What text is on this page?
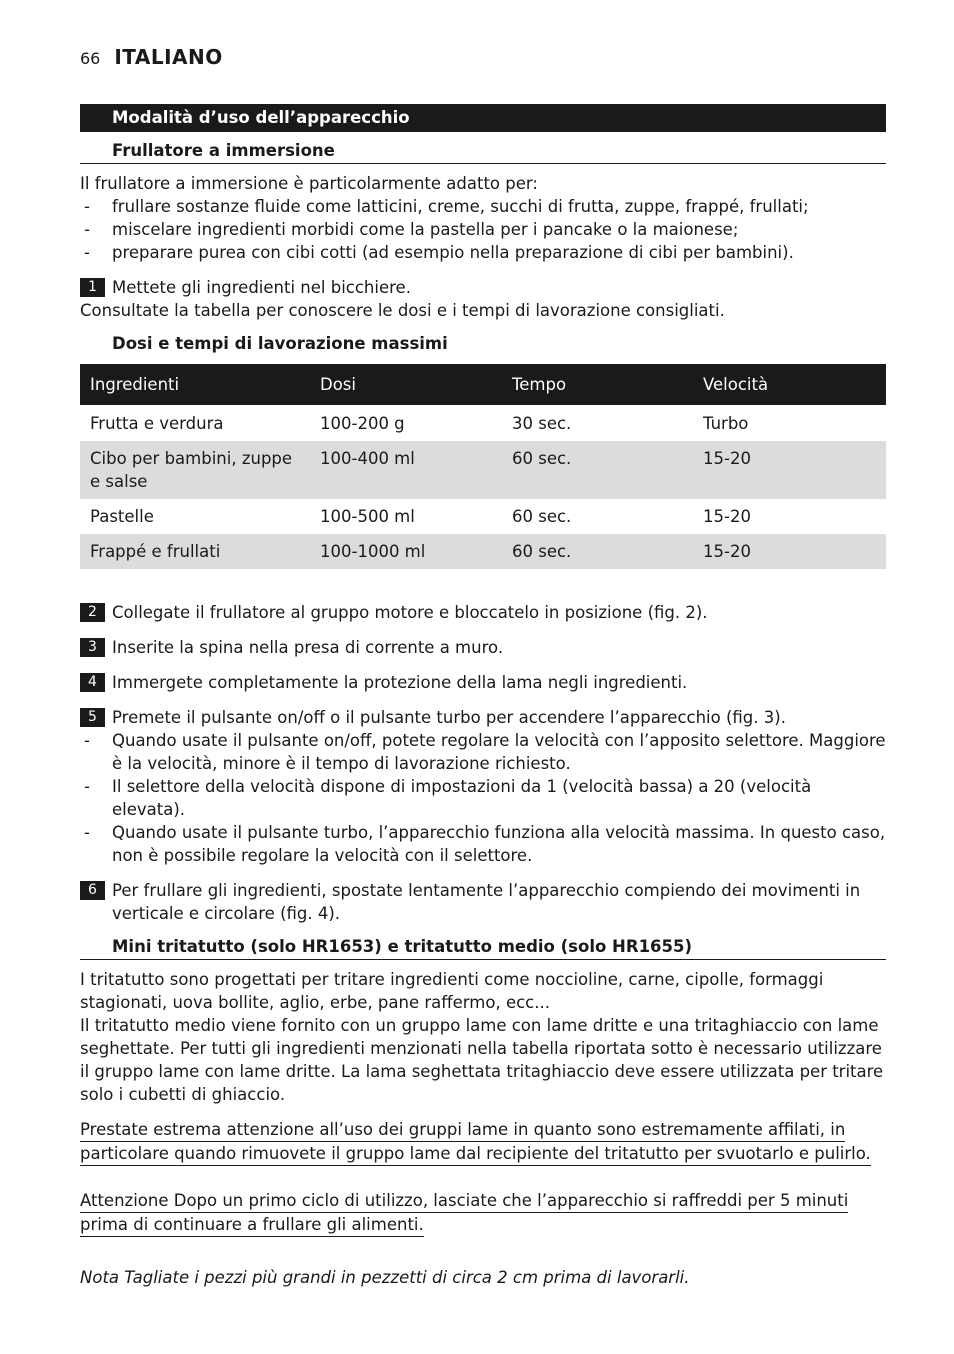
66 ITALIANO
Modalità d’uso dell’apparecchio
Frullatore a immersione

Il frullatore a immersione è particolarmente adatto per:

- frullare sostanze fluide come latticini, creme, succhi di frutta, zuppe, frappé, frullati;
- miscelare ingredienti morbidi come la pastella per i pancake o la maionese;
- preparare purea con cibi cotti (ad esempio nella preparazione di cibi per bambini).
1 Mettete gli ingredienti nel bicchiere.

Consultate la tabella per conoscere le dosi e i tempi di lavorazione consigliati.

Dosi e tempi di lavorazione massimi
Ingredienti	Dosi	Tempo	Velocità
Frutta e verdura	100-200 g	30 sec.	Turbo
Cibo per bambini, zuppe e salse	100-400 ml	60 sec.	15-20
Pastelle	100-500 ml	60 sec.	15-20
Frappé e frullati	100-1000 ml	60 sec.	15-20
2 Collegate il frullatore al gruppo motore e bloccatelo in posizione (fig. 2).
3 Inserite la spina nella presa di corrente a muro.
4 Immergete completamente la protezione della lama negli ingredienti.
5 Premete il pulsante on/off o il pulsante turbo per accendere l’apparecchio (fig. 3).
- Quando usate il pulsante on/off, potete regolare la velocità con l’apposito selettore. Maggiore è la velocità, minore è il tempo di lavorazione richiesto.
- Il selettore della velocità dispone di impostazioni da 1 (velocità bassa) a 20 (velocità elevata).
- Quando usate il pulsante turbo, l’apparecchio funziona alla velocità massima. In questo caso, non è possibile regolare la velocità con il selettore.
6 Per frullare gli ingredienti, spostate lentamente l’apparecchio compiendo dei movimenti in verticale e circolare (fig. 4).
Mini tritatutto (solo HR1653) e tritatutto medio (solo HR1655)

I tritatutto sono progettati per tritare ingredienti come noccioline, carne, cipolle, formaggi stagionati, uova bollite, aglio, erbe, pane raffermo, ecc...

Il tritatutto medio viene fornito con un gruppo lame con lame dritte e una tritaghiaccio con lame seghettate. Per tutti gli ingredienti menzionati nella tabella riportata sotto è necessario utilizzare il gruppo lame con lame dritte. La lama seghettata tritaghiaccio deve essere utilizzata per tritare solo i cubetti di ghiaccio.

Prestate estrema attenzione all’uso dei gruppi lame in quanto sono estremamente affilati, in
particolare quando rimuovete il gruppo lame dal recipiente del tritatutto per svuotarlo e pulirlo.
Attenzione Dopo un primo ciclo di utilizzo, lasciate che l’apparecchio si raffreddi per 5 minuti
prima di continuare a frullare gli alimenti.

Nota Tagliate i pezzi più grandi in pezzetti di circa 2 cm prima di lavorarli.
